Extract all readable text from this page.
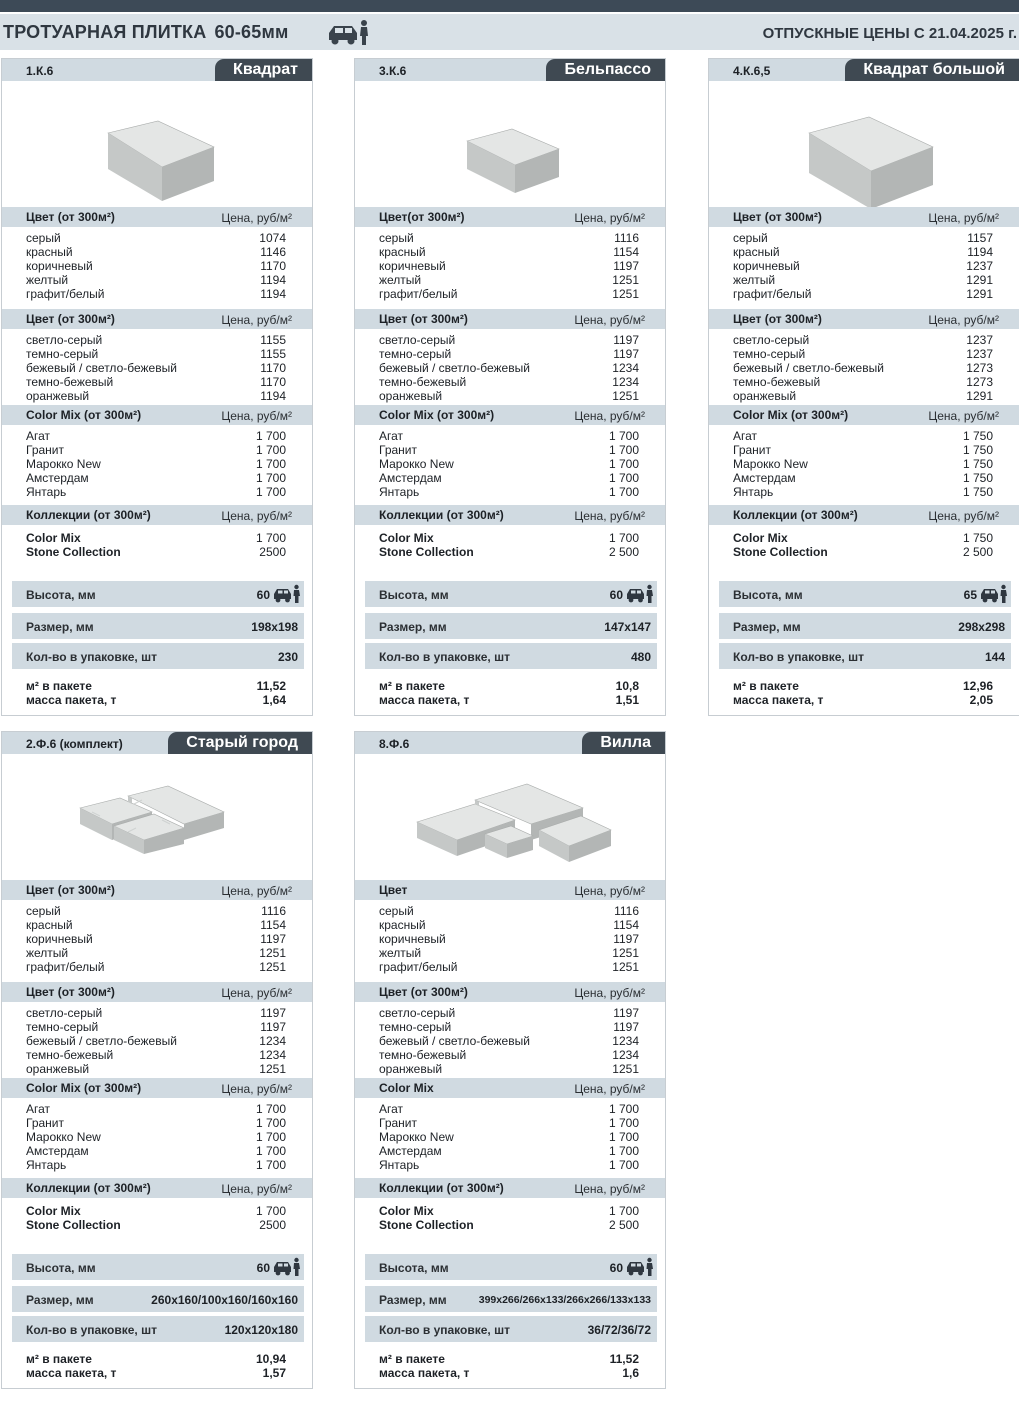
ТРОТУАРНАЯ ПЛИТКА 60-65мм	ОТПУСКНЫЕ ЦЕНЫ С 21.04.2025 г.
1.К.6	Квадрат
Цвет (от 300м²)	Цена, руб/м²
серый	1074
красный	1146
коричневый	1170
желтый	1194
графит/белый	1194
Цвет (от 300м²)	Цена, руб/м²
светло-серый	1155
темно-серый	1155
бежевый / светло-бежевый	1170
темно-бежевый	1170
оранжевый	1194
Color Mix (от 300м²)	Цена, руб/м²
Агат	1 700
Гранит	1 700
Марокко New	1 700
Амстердам	1 700
Янтарь	1 700
Коллекции (от 300м²)	Цена, руб/м²
Color Mix	1 700
Stone Collection	2500
Высота, мм	60
Размер, мм	198x198
Кол-во в упаковке, шт	230
м² в пакете	11,52
масса пакета, т	1,64
3.К.6	Бельпассо
Цвет(от 300м²)	Цена, руб/м²
серый	1116
красный	1154
коричневый	1197
желтый	1251
графит/белый	1251
Цвет (от 300м²)	Цена, руб/м²
светло-серый	1197
темно-серый	1197
бежевый / светло-бежевый	1234
темно-бежевый	1234
оранжевый	1251
Color Mix (от 300м²)	Цена, руб/м²
Агат	1 700
Гранит	1 700
Марокко New	1 700
Амстердам	1 700
Янтарь	1 700
Коллекции (от 300м²)	Цена, руб/м²
Color Mix	1 700
Stone Collection	2 500
Высота, мм	60
Размер, мм	147x147
Кол-во в упаковке, шт	480
м² в пакете	10,8
масса пакета, т	1,51
4.К.6,5	Квадрат большой
Цвет (от 300м²)	Цена, руб/м²
серый	1157
красный	1194
коричневый	1237
желтый	1291
графит/белый	1291
Цвет (от 300м²)	Цена, руб/м²
светло-серый	1237
темно-серый	1237
бежевый / светло-бежевый	1273
темно-бежевый	1273
оранжевый	1291
Color Mix (от 300м²)	Цена, руб/м²
Агат	1 750
Гранит	1 750
Марокко New	1 750
Амстердам	1 750
Янтарь	1 750
Коллекции (от 300м²)	Цена, руб/м²
Color Mix	1 750
Stone Collection	2 500
Высота, мм	65
Размер, мм	298x298
Кол-во в упаковке, шт	144
м² в пакете	12,96
масса пакета, т	2,05
2.Ф.6 (комплект)	Старый город
Цвет (от 300м²)	Цена, руб/м²
серый	1116
красный	1154
коричневый	1197
желтый	1251
графит/белый	1251
Цвет (от 300м²)	Цена, руб/м²
светло-серый	1197
темно-серый	1197
бежевый / светло-бежевый	1234
темно-бежевый	1234
оранжевый	1251
Color Mix (от 300м²)	Цена, руб/м²
Агат	1 700
Гранит	1 700
Марокко New	1 700
Амстердам	1 700
Янтарь	1 700
Коллекции (от 300м²)	Цена, руб/м²
Color Mix	1 700
Stone Collection	2500
Высота, мм	60
Размер, мм	260x160/100x160/160x160
Кол-во в упаковке, шт	120x120x180
м² в пакете	10,94
масса пакета, т	1,57
8.Ф.6	Вилла
Цвет	Цена, руб/м²
серый	1116
красный	1154
коричневый	1197
желтый	1251
графит/белый	1251
Цвет (от 300м²)	Цена, руб/м²
светло-серый	1197
темно-серый	1197
бежевый / светло-бежевый	1234
темно-бежевый	1234
оранжевый	1251
Color Mix	Цена, руб/м²
Агат	1 700
Гранит	1 700
Марокко New	1 700
Амстердам	1 700
Янтарь	1 700
Коллекции (от 300м²)	Цена, руб/м²
Color Mix	1 700
Stone Collection	2 500
Высота, мм	60
Размер, мм	399x266/266x133/266x266/133x133
Кол-во в упаковке, шт	36/72/36/72
м² в пакете	11,52
масса пакета, т	1,6
